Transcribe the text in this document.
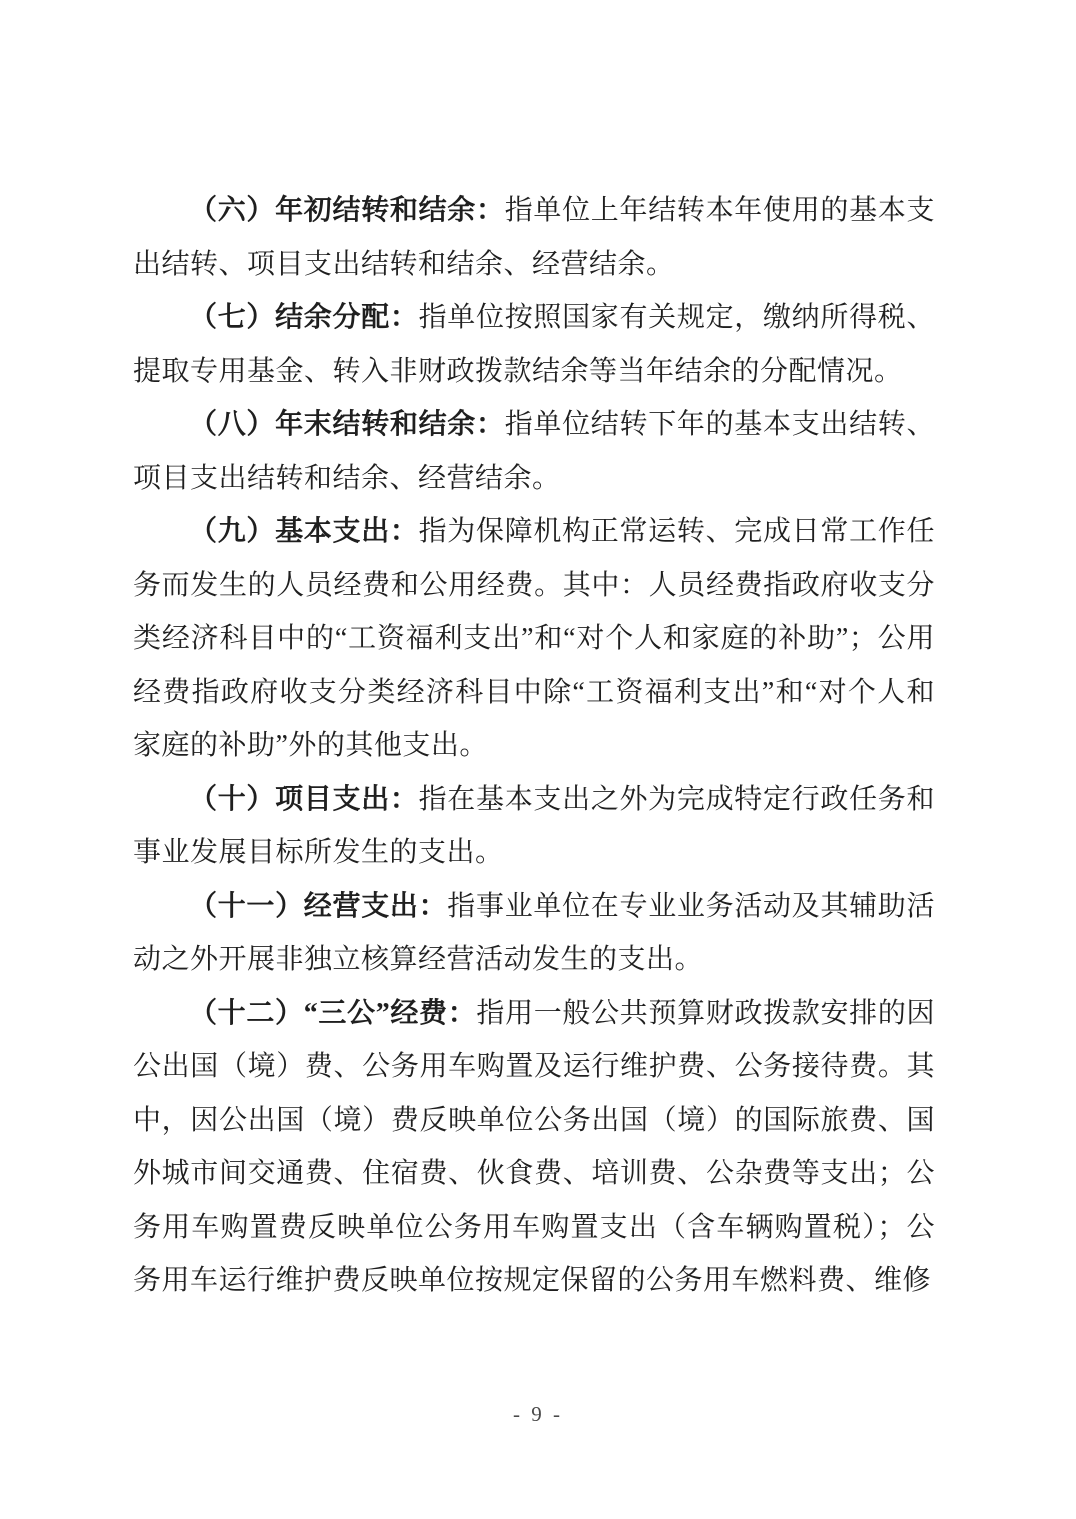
（六）年初结转和结余：指单位上年结转本年使用的基本支出结转、项目支出结转和结余、经营结余。

（七）结余分配：指单位按照国家有关规定，缴纳所得税、提取专用基金、转入非财政拨款结余等当年结余的分配情况。

（八）年末结转和结余：指单位结转下年的基本支出结转、项目支出结转和结余、经营结余。

（九）基本支出：指为保障机构正常运转、完成日常工作任务而发生的人员经费和公用经费。其中：人员经费指政府收支分类经济科目中的“工资福利支出”和“对个人和家庭的补助”；公用经费指政府收支分类经济科目中除“工资福利支出”和“对个人和家庭的补助”外的其他支出。

（十）项目支出：指在基本支出之外为完成特定行政任务和事业发展目标所发生的支出。

（十一）经营支出：指事业单位在专业业务活动及其辅助活动之外开展非独立核算经营活动发生的支出。

（十二）“三公”经费：指用一般公共预算财政拨款安排的因公出国（境）费、公务用车购置及运行维护费、公务接待费。其中，因公出国（境）费反映单位公务出国（境）的国际旅费、国外城市间交通费、住宿费、伙食费、培训费、公杂费等支出；公务用车购置费反映单位公务用车购置支出（含车辆购置税）；公务用车运行维护费反映单位按规定保留的公务用车燃料费、维修

- 9 -
